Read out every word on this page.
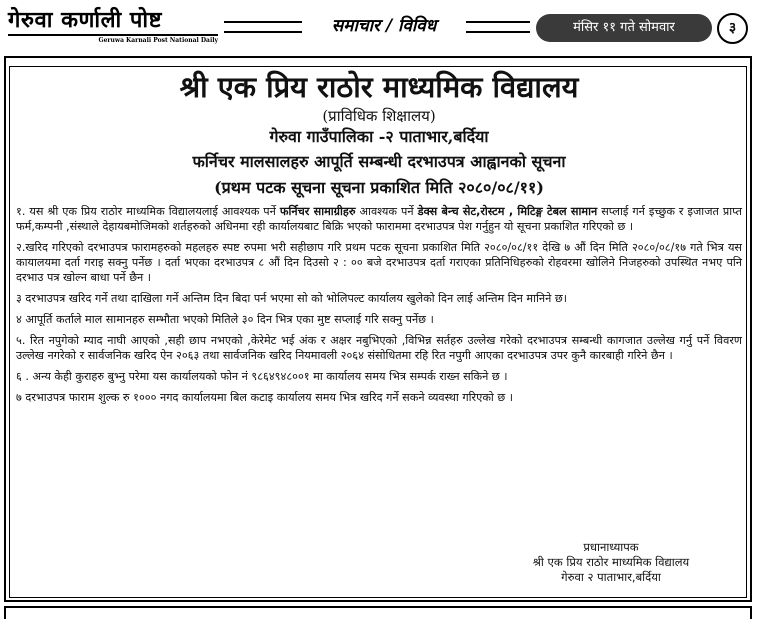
गेरुवा कर्णाली पोष्ट
Geruwa Karnali Post National Daily
समाचार / विविध	मंसिर ११ गते सोमवार	३
श्री एक प्रिय राठोर माध्यमिक विद्यालय

(प्राविधिक शिक्षालय)

गेरुवा गाउँपालिका -२ पाताभार,बर्दिया

फर्निचर मालसालहरु आपूर्ति सम्बन्धी दरभाउपत्र आह्वानको सूचना

(प्रथम पटक सूचना सूचना प्रकाशित मिति २०८०/०८/११)

१. यस श्री एक प्रिय राठोर माध्यमिक विद्यालयलाई आवश्यक पर्ने फर्निचर सामाग्रीहरु आवश्यक पर्ने डेक्स बेन्च सेट,रोस्टम , मिटिङ्ग टेबल सामान सप्लाई गर्न इच्छुक र इजाजत प्राप्त फर्म,कम्पनी ,संस्थाले देहायबमोजिमको शर्तहरुको अधिनमा रही कार्यालयबाट बिक्रि भएको फाराममा दरभाउपत्र पेश गर्नुहुन यो सूचना प्रकाशित गरिएको छ ।

२.खरिद गरिएको दरभाउपत्र फारामहरुको महलहरु स्पष्ट रुपमा भरी सहीछाप गरि प्रथम पटक सूचना प्रकाशित मिति २०८०/०८/११ देखि ७ औं दिन मिति २०८०/०८/१७ गते भित्र यस कायालयमा दर्ता गराइ सक्नु पर्नेछ । दर्ता भएका दरभाउपत्र ८ औं दिन दिउसो २ : ०० बजे दरभाउपत्र दर्ता गराएका प्रतिनिधिहरुको रोहवरमा खोलिने निजहरुको उपस्थित नभए पनि दरभाउ पत्र खोल्न बाधा पर्ने छैन ।

३ दरभाउपत्र खरिद गर्ने तथा दाखिला गर्ने अन्तिम दिन बिदा पर्न भएमा सो को भोलिपल्ट कार्यालय खुलेको दिन लाई अन्तिम दिन मानिने छ।

४ आपूर्ति कर्ताले माल सामानहरु सम्भौता भएको मितिले ३० दिन भित्र एका मुष्ट सप्लाई गरि सक्नु पर्नेछ ।

५. रित नपुगेको म्याद नाघी आएको ,सही छाप नभएको ,केरेमेट भई अंक र अक्षर नबुभिएको ,विभिन्न सर्तहरु उल्लेख गरेको दरभाउपत्र सम्बन्धी कागजात उल्लेख गर्नु पर्ने विवरण उल्लेख नगरेको र सार्वजनिक खरिद ऐन २०६३ तथा सार्वजनिक खरिद नियमावली २०६४ संसोधितमा रहि रित नपुगी आएका दरभाउपत्र उपर कुनै कारबाही गरिने छैन ।

६ . अन्य केही कुराहरु बुभ्नु परेमा यस कार्यालयको फोन नं ९८६४९४८००१ मा कार्यालय समय भित्र सम्पर्क राख्न सकिने छ ।

७ दरभाउपत्र फाराम शुल्क रु १००० नगद कार्यालयमा बिल कटाइ कार्यालय समय भित्र खरिद गर्ने सकने व्यवस्था गरिएको छ ।

प्रधानाध्यापक
श्री एक प्रिय राठोर माध्यमिक विद्यालय
गेरुवा २ पाताभार,बर्दिया
